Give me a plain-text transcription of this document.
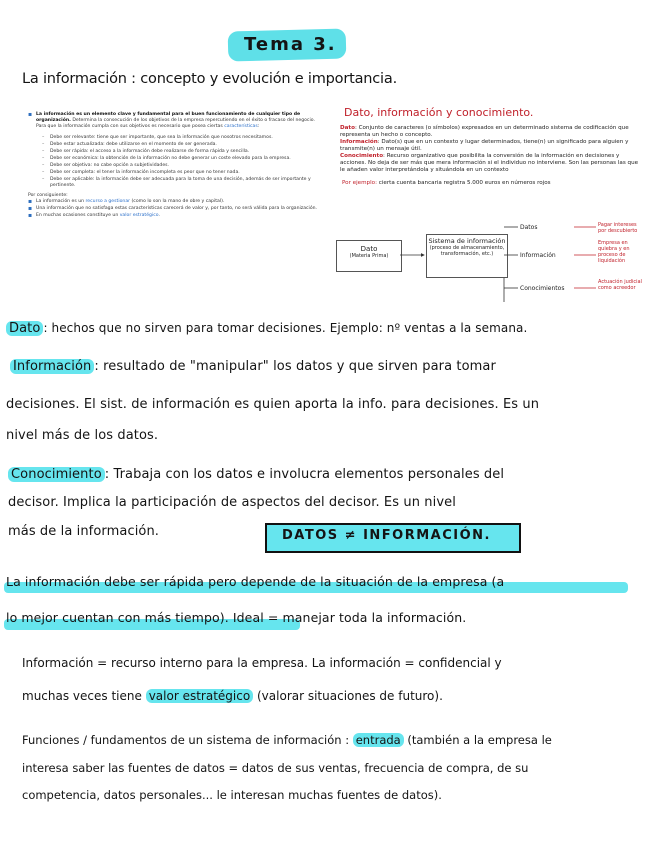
Tema 3.
La información : concepto y evolución e importancia.
▪ La información es un elemento clave y fundamental para el buen funcionamiento de cualquier tipo de organización. Determina la consecución de los objetivos de la empresa repercutiendo en el éxito o fracaso del negocio. Para que la información cumpla con sus objetivos es necesario que posea ciertas características:
– Debe ser relevante: tiene que ser importante, que sea la información que nosotros necesitamos.
– Debe estar actualizada: debe utilizarse en el momento de ser generada.
– Debe ser rápida: el acceso a la información debe realizarse de forma rápida y sencilla.
– Debe ser económica: la obtención de la información no debe generar un coste elevado para la empresa.
– Debe ser objetiva: no cabe opción a subjetividades.
– Debe ser completa: el tener la información incompleta es peor que no tener nada.
– Debe ser aplicable: la información debe ser adecuada para la toma de una decisión, además de ser importante y pertinente.
Por consiguiente:
▪ La información es un recurso a gestionar (como lo son la mano de obre y capital).
▪ Una información que no satisfaga estas características carecerá de valor y, por tanto, no será válida para la organización.
▪ En muchas ocasiones constituye un valor estratégico.
Dato, información y conocimiento.
Dato: Conjunto de caracteres (o símbolos) expresados en un determinado sistema de codificación que representa un hecho o concepto.
Información: Dato(s) que en un contexto y lugar determinados, tiene(n) un significado para alguien y transmite(n) un mensaje útil.
Conocimiento: Recurso organizativo que posibilita la conversión de la información en decisiones y acciones. No deja de ser más que mera información si el individuo no interviene. Son las personas las que le añaden valor interpretándola y situándola en un contexto
Por ejemplo: cierta cuenta bancaria registra 5.000 euros en números rojos
Dato
(Materia Prima)
Sistema de información
(proceso de almacenamiento, transformación, etc.)
Datos
Información
Conocimientos
Pagar intereses por descubierto
Empresa en quiebra y en proceso de liquidación
Actuación judicial como acreedor
Dato : hechos que no sirven para tomar decisiones. Ejemplo: nº ventas a la semana.
Información : resultado de "manipular" los datos y que sirven para tomar
decisiones. El sist. de información es quien aporta la info. para decisiones. Es un
nivel más de los datos.
Conocimiento : Trabaja con los datos e involucra elementos personales del
decisor. Implica la participación de aspectos del decisor. Es un nivel
más de la información.	DATOS ≠ INFORMACIÓN.
La información debe ser rápida pero depende de la situación de la empresa (a
lo mejor cuentan con más tiempo). Ideal = manejar toda la información.
Información = recurso interno para la empresa. La información = confidencial y
muchas veces tiene valor estratégico (valorar situaciones de futuro).
Funciones / fundamentos de un sistema de información : entrada (también a la empresa le
interesa saber las fuentes de datos = datos de sus ventas, frecuencia de compra, de su
competencia, datos personales... le interesan muchas fuentes de datos).
